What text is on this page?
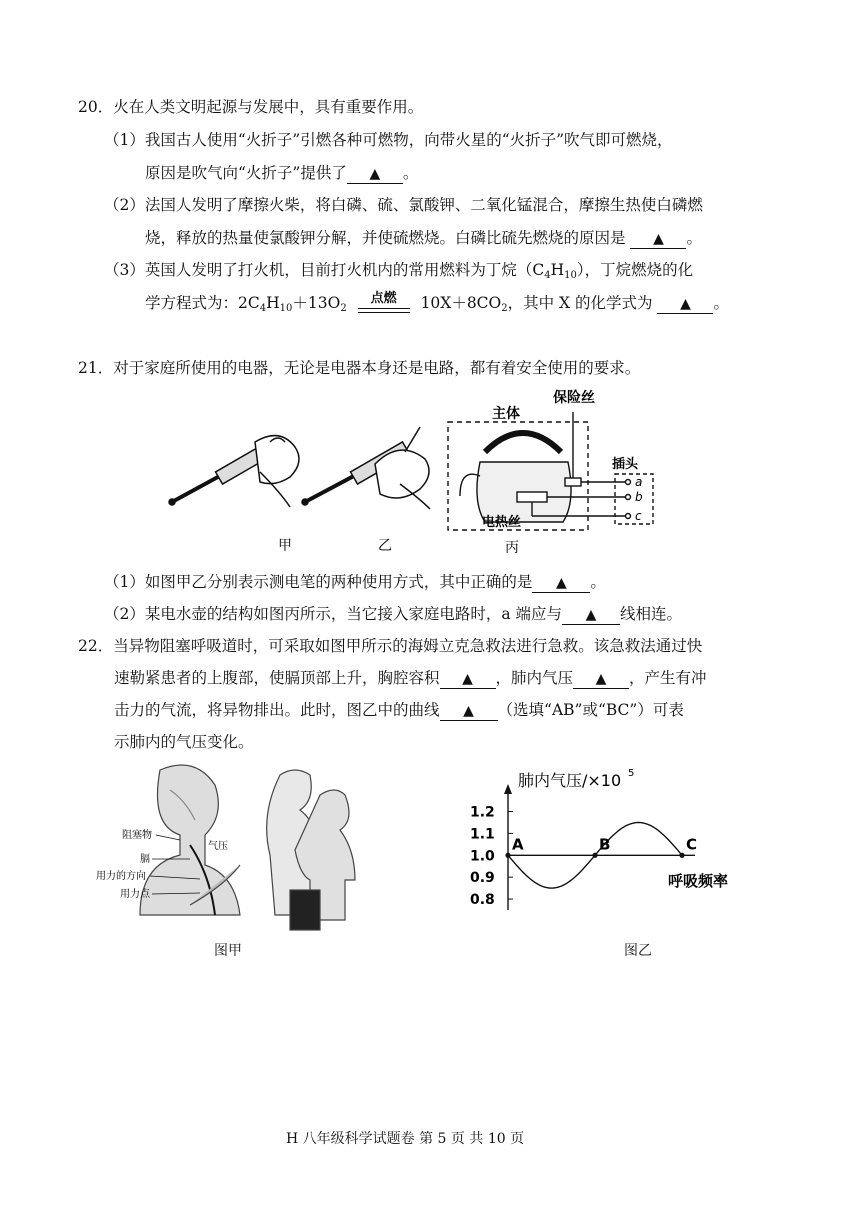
20．火在人类文明起源与发展中，具有重要作用。
（1）我国古人使用“火折子”引燃各种可燃物，向带火星的“火折子”吹气即可燃烧，
原因是吹气向“火折子”提供了 ▲ 。
（2）法国人发明了摩擦火柴，将白磷、硫、氯酸钾、二氧化锰混合，摩擦生热使白磷燃
烧，释放的热量使氯酸钾分解，并使硫燃烧。白磷比硫先燃烧的原因是 ▲ 。
（3）英国人发明了打火机，目前打火机内的常用燃料为丁烷$(C_4H_{10})$，丁烷燃烧的化
学方程式为：$2C_4H_{10}+13O_2$
点燃	$10X+8CO_2$，其中 X 的化学式为 ▲ 。
21．对于家庭所使用的电器，无论是电器本身还是电路，都有着安全使用的要求。
主体
保险丝
插头
a
b
c
电热丝
甲	乙	丙
（1）如图甲乙分别表示测电笔的两种使用方式，其中正确的是 ▲ 。
（2）某电水壶的结构如图丙所示，当它接入家庭电路时，a 端应与 ▲ 线相连。
22．当异物阻塞呼吸道时，可采取如图甲所示的海姆立克急救法进行急救。该急救法通过快
速勒紧患者的上腹部，使膈顶部上升，胸腔容积 ▲ ，肺内气压 ▲ ，产生有冲
击力的气流，将异物排出。此时，图乙中的曲线 ▲ （选填“AB”或“BC”）可表
示肺内的气压变化。
阻塞物
气压
膈
用力的方向
用力点
肺内气压/×10 5
1.2
1.1
1.0
0.9
0.8
A	B	C
呼吸频率
图甲	图乙
H 八年级科学试题卷 第 5 页 共 10 页
